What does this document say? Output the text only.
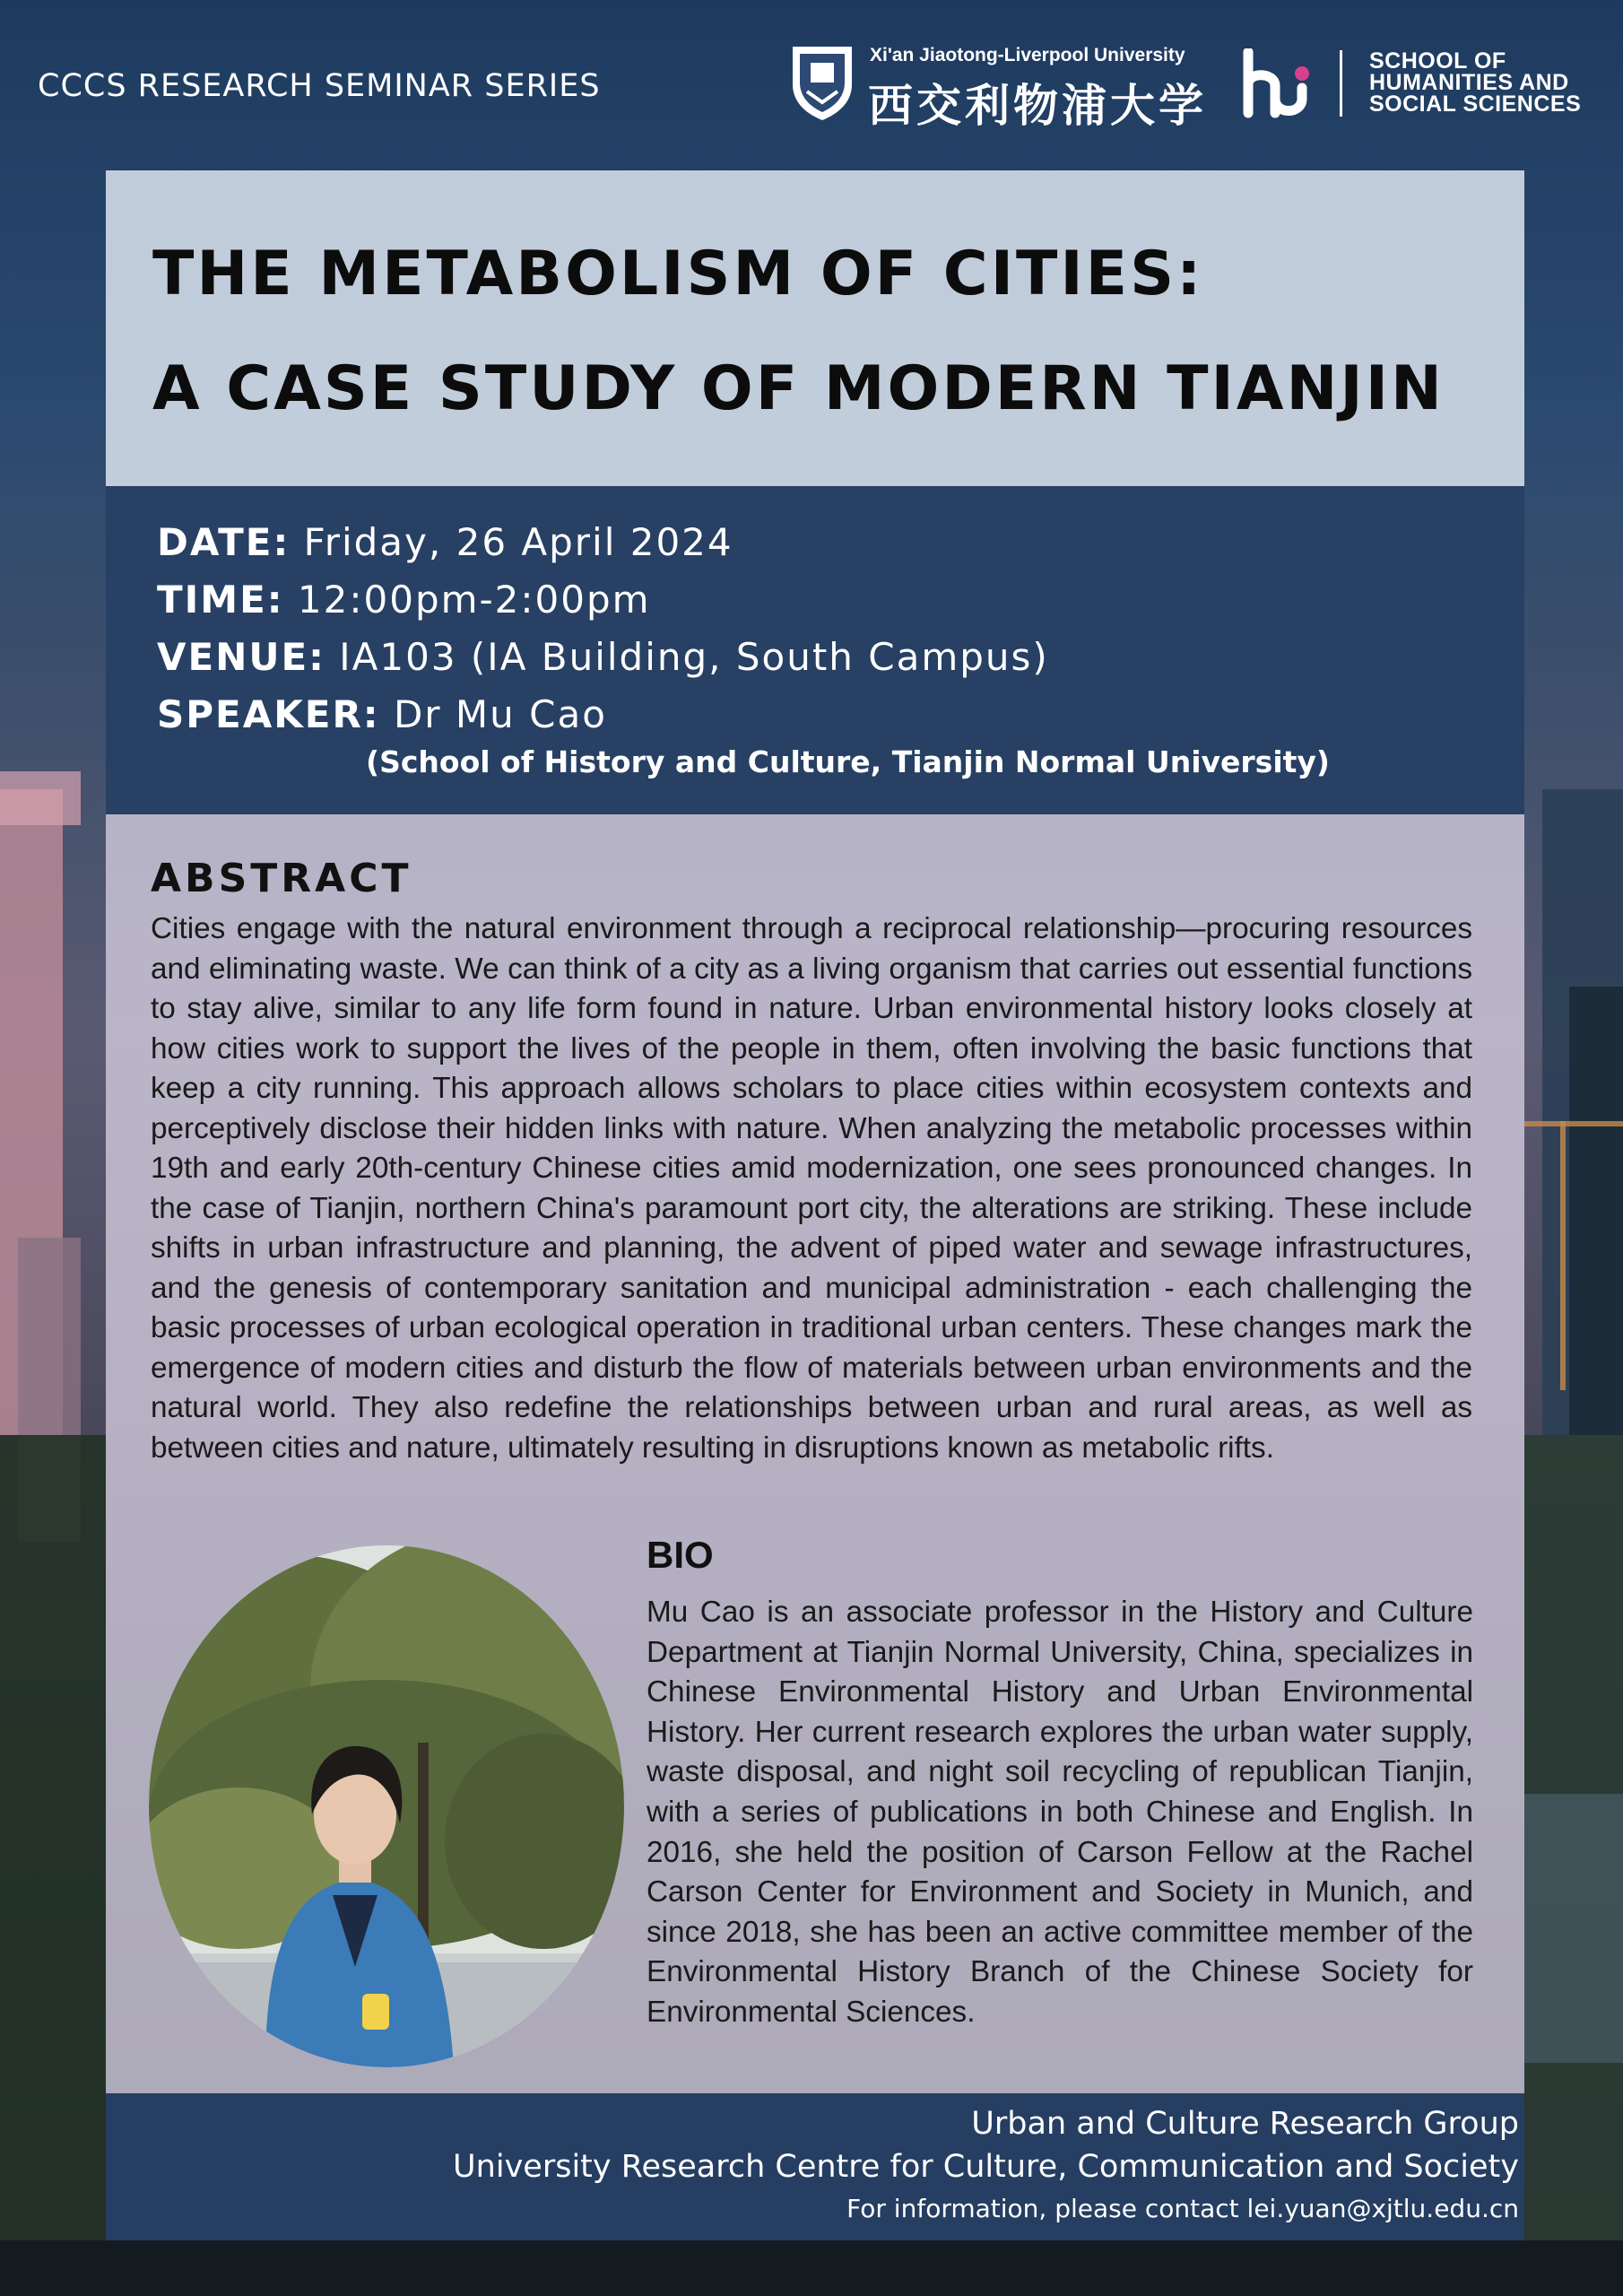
CCCS RESEARCH SEMINAR SERIES
Xi'an Jiaotong-Liverpool University
西交利物浦大学
SCHOOL OF
HUMANITIES AND
SOCIAL SCIENCES
THE METABOLISM OF CITIES:
A CASE STUDY OF MODERN TIANJIN
DATE: Friday, 26 April 2024
TIME: 12:00pm-2:00pm
VENUE: IA103 (IA Building, South Campus)
SPEAKER: Dr Mu Cao
(School of History and Culture, Tianjin Normal University)
ABSTRACT

Cities engage with the natural environment through a reciprocal relationship—procuring resources and eliminating waste. We can think of a city as a living organism that carries out essential functions to stay alive, similar to any life form found in nature. Urban environmental history looks closely at how cities work to support the lives of the people in them, often involving the basic functions that keep a city running. This approach allows scholars to place cities within ecosystem contexts and perceptively disclose their hidden links with nature. When analyzing the metabolic processes within 19th and early 20th-century Chinese cities amid modernization, one sees pronounced changes. In the case of Tianjin, northern China's paramount port city, the alterations are striking. These include shifts in urban infrastructure and planning, the advent of piped water and sewage infrastructures, and the genesis of contemporary sanitation and municipal administration - each challenging the basic processes of urban ecological operation in traditional urban centers. These changes mark the emergence of modern cities and disturb the flow of materials between urban environments and the natural world. They also redefine the relationships between urban and rural areas, as well as between cities and nature, ultimately resulting in disruptions known as metabolic rifts.

BIO

Mu Cao is an associate professor in the History and Culture Department at Tianjin Normal University, China, specializes in Chinese Environmental History and Urban Environmental History. Her current research explores the urban water supply, waste disposal, and night soil recycling of republican Tianjin, with a series of publications in both Chinese and English. In 2016, she held the position of Carson Fellow at the Rachel Carson Center for Environment and Society in Munich, and since 2018, she has been an active committee member of the Environmental History Branch of the Chinese Society for Environmental Sciences.

Urban and Culture Research Group
University Research Centre for Culture, Communication and Society
For information, please contact lei.yuan@xjtlu.edu.cn
